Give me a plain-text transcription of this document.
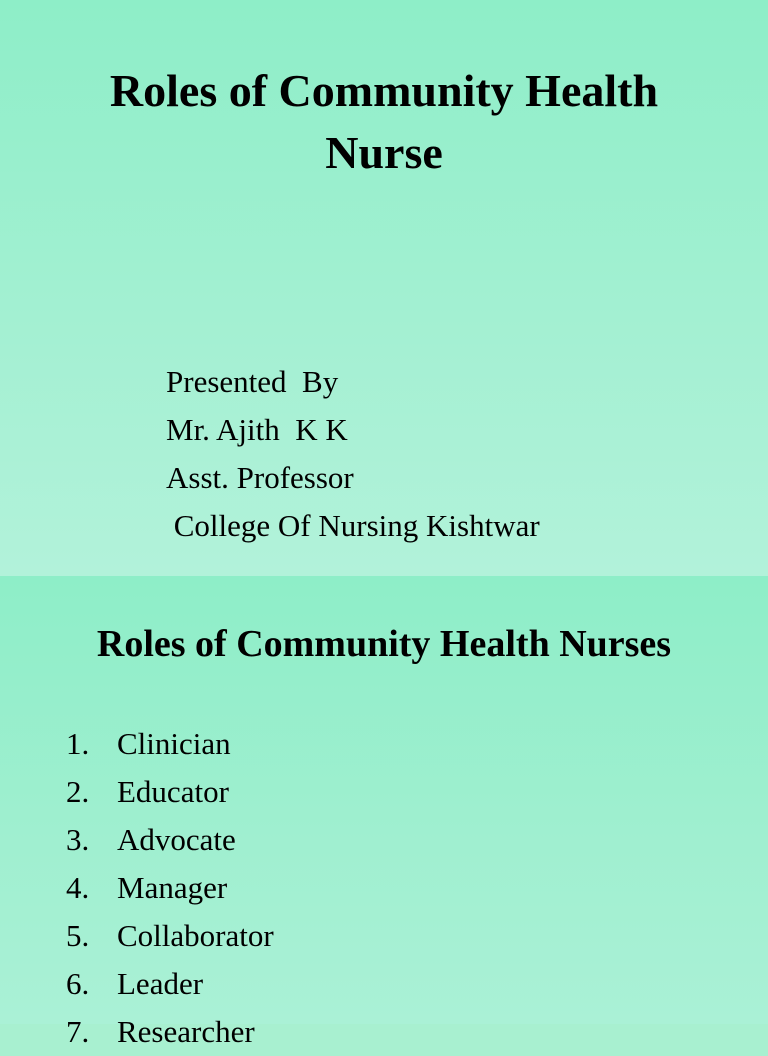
Roles of Community Health
Nurse
Presented  By
Mr. Ajith  K K
Asst. Professor
College Of Nursing Kishtwar
Roles of Community Health Nurses
1. Clinician
2. Educator
3. Advocate
4. Manager
5. Collaborator
6. Leader
7. Researcher
